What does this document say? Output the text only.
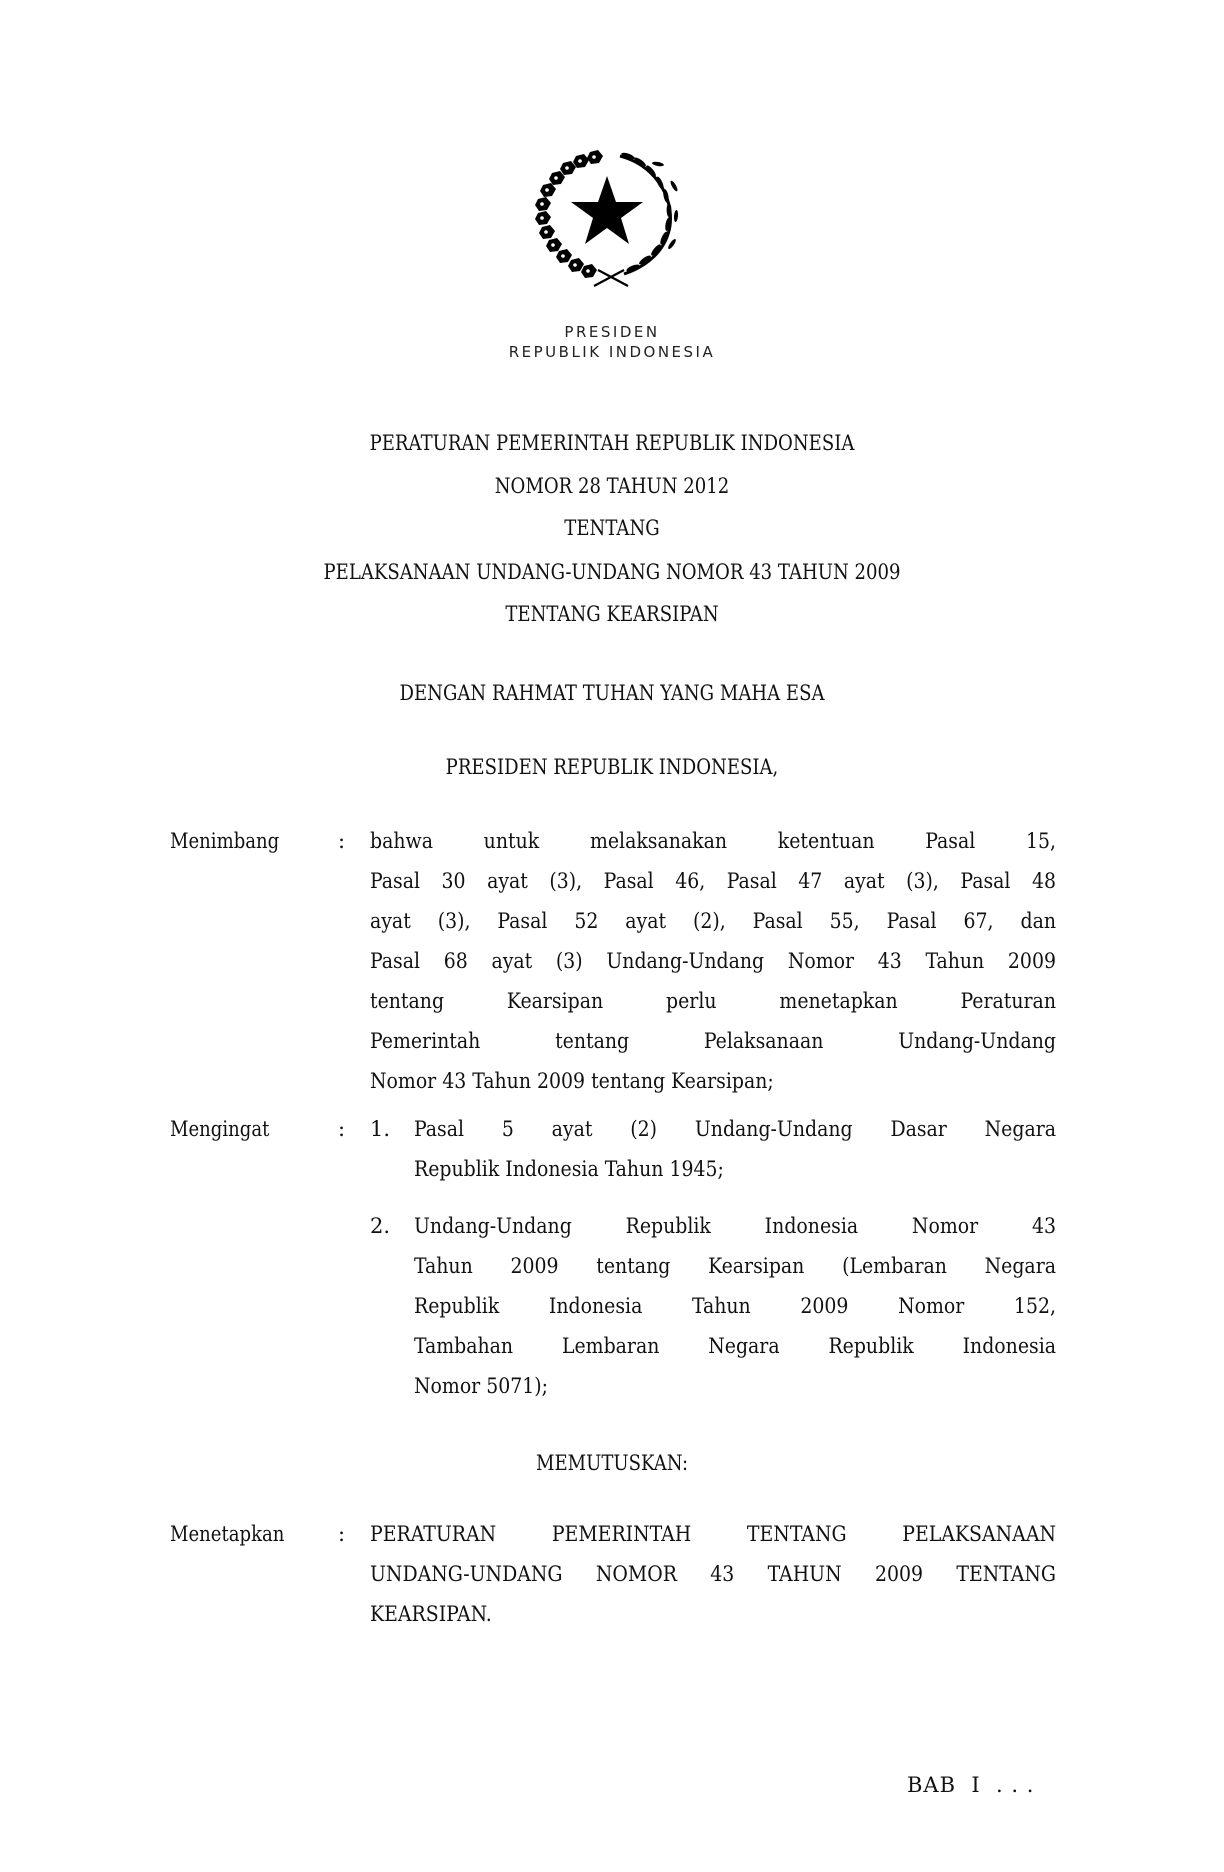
PRESIDEN
REPUBLIK INDONESIA
PERATURAN PEMERINTAH REPUBLIK INDONESIA
NOMOR 28 TAHUN 2012
TENTANG
PELAKSANAAN UNDANG-UNDANG NOMOR 43 TAHUN 2009
TENTANG KEARSIPAN
DENGAN RAHMAT TUHAN YANG MAHA ESA
PRESIDEN REPUBLIK INDONESIA,
Menimbang	: bahwa untuk melaksanakan ketentuan Pasal 15,
Pasal 30 ayat (3), Pasal 46, Pasal 47 ayat (3), Pasal 48
ayat (3), Pasal 52 ayat (2), Pasal 55, Pasal 67, dan
Pasal 68 ayat (3) Undang-Undang Nomor 43 Tahun 2009
tentang Kearsipan perlu menetapkan Peraturan
Pemerintah tentang Pelaksanaan Undang-Undang
Nomor 43 Tahun 2009 tentang Kearsipan;
Mengingat	: 1. Pasal 5 ayat (2) Undang-Undang Dasar Negara
Republik Indonesia Tahun 1945;
2. Undang-Undang Republik Indonesia Nomor 43
Tahun 2009 tentang Kearsipan (Lembaran Negara
Republik Indonesia Tahun 2009 Nomor 152,
Tambahan Lembaran Negara Republik Indonesia
Nomor 5071);
MEMUTUSKAN:
Menetapkan	: PERATURAN PEMERINTAH TENTANG PELAKSANAAN
UNDANG-UNDANG NOMOR 43 TAHUN 2009 TENTANG
KEARSIPAN.
BAB  I  . . .
